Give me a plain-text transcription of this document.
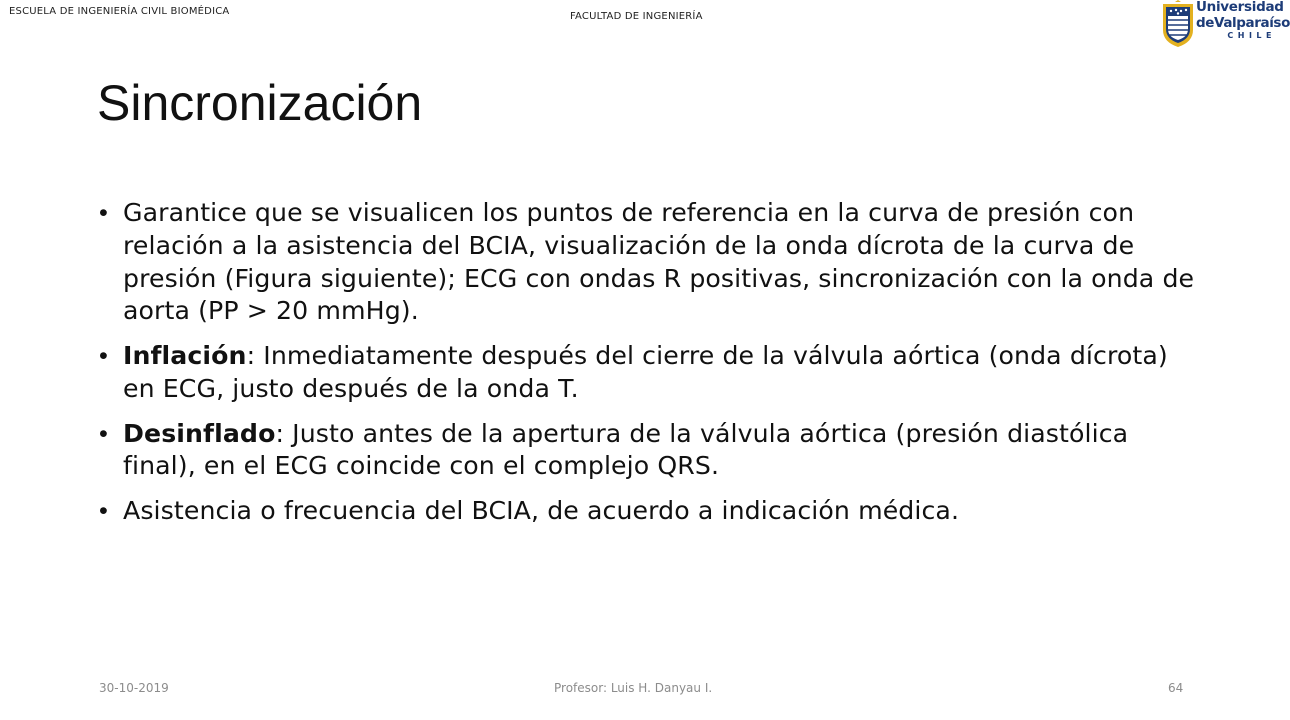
ESCUELA DE INGENIERÍA CIVIL BIOMÉDICA	FACULTAD DE INGENIERÍA
Universidad
deValparaíso
CHILE
Sincronización
• Garantice que se visualicen los puntos de referencia en la curva de presión con relación a la asistencia del BCIA, visualización de la onda dícrota de la curva de presión (Figura siguiente); ECG con ondas R positivas, sincronización con la onda de aorta (PP > 20 mmHg).
• Inflación: Inmediatamente después del cierre de la válvula aórtica (onda dícrota) en ECG, justo después de la onda T.
• Desinflado: Justo antes de la apertura de la válvula aórtica (presión diastólica final), en el ECG coincide con el complejo QRS.
• Asistencia o frecuencia del BCIA, de acuerdo a indicación médica.
30-10-2019	Profesor: Luis H. Danyau I.	64
